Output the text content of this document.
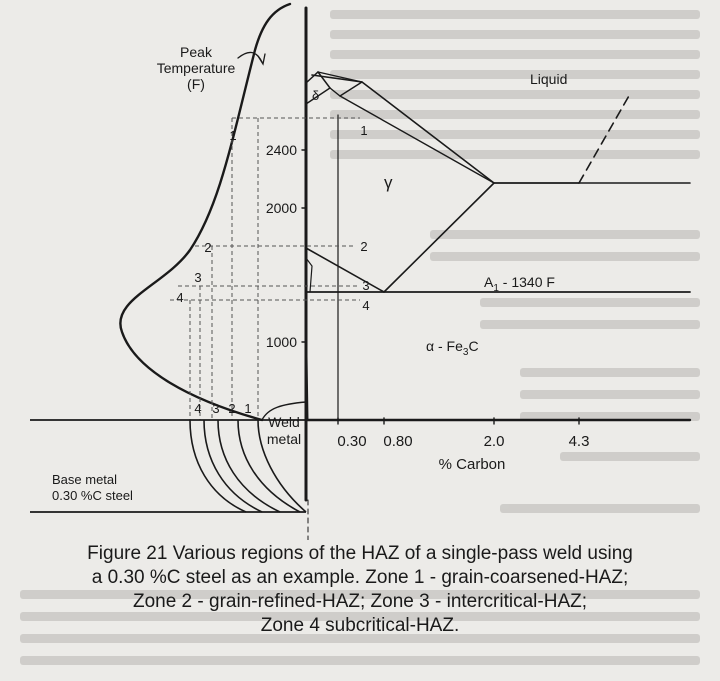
Peak
Temperature
(F)
2400
2000
1000
0.30 0.80	2.0	4.3
% Carbon
Liquid
δ
γ
$A_1 - 1340$ F
α - $Fe_3C$
1
2
3
4
1
2
3
4
4 3 2 1
Weld
metal
Base metal
0.30 %C steel
Figure 21 Various regions of the HAZ of a single-pass weld using
a 0.30 %C steel as an example. Zone 1 - grain-coarsened-HAZ;
Zone 2 - grain-refined-HAZ; Zone 3 - intercritical-HAZ;
Zone 4 subcritical-HAZ.
